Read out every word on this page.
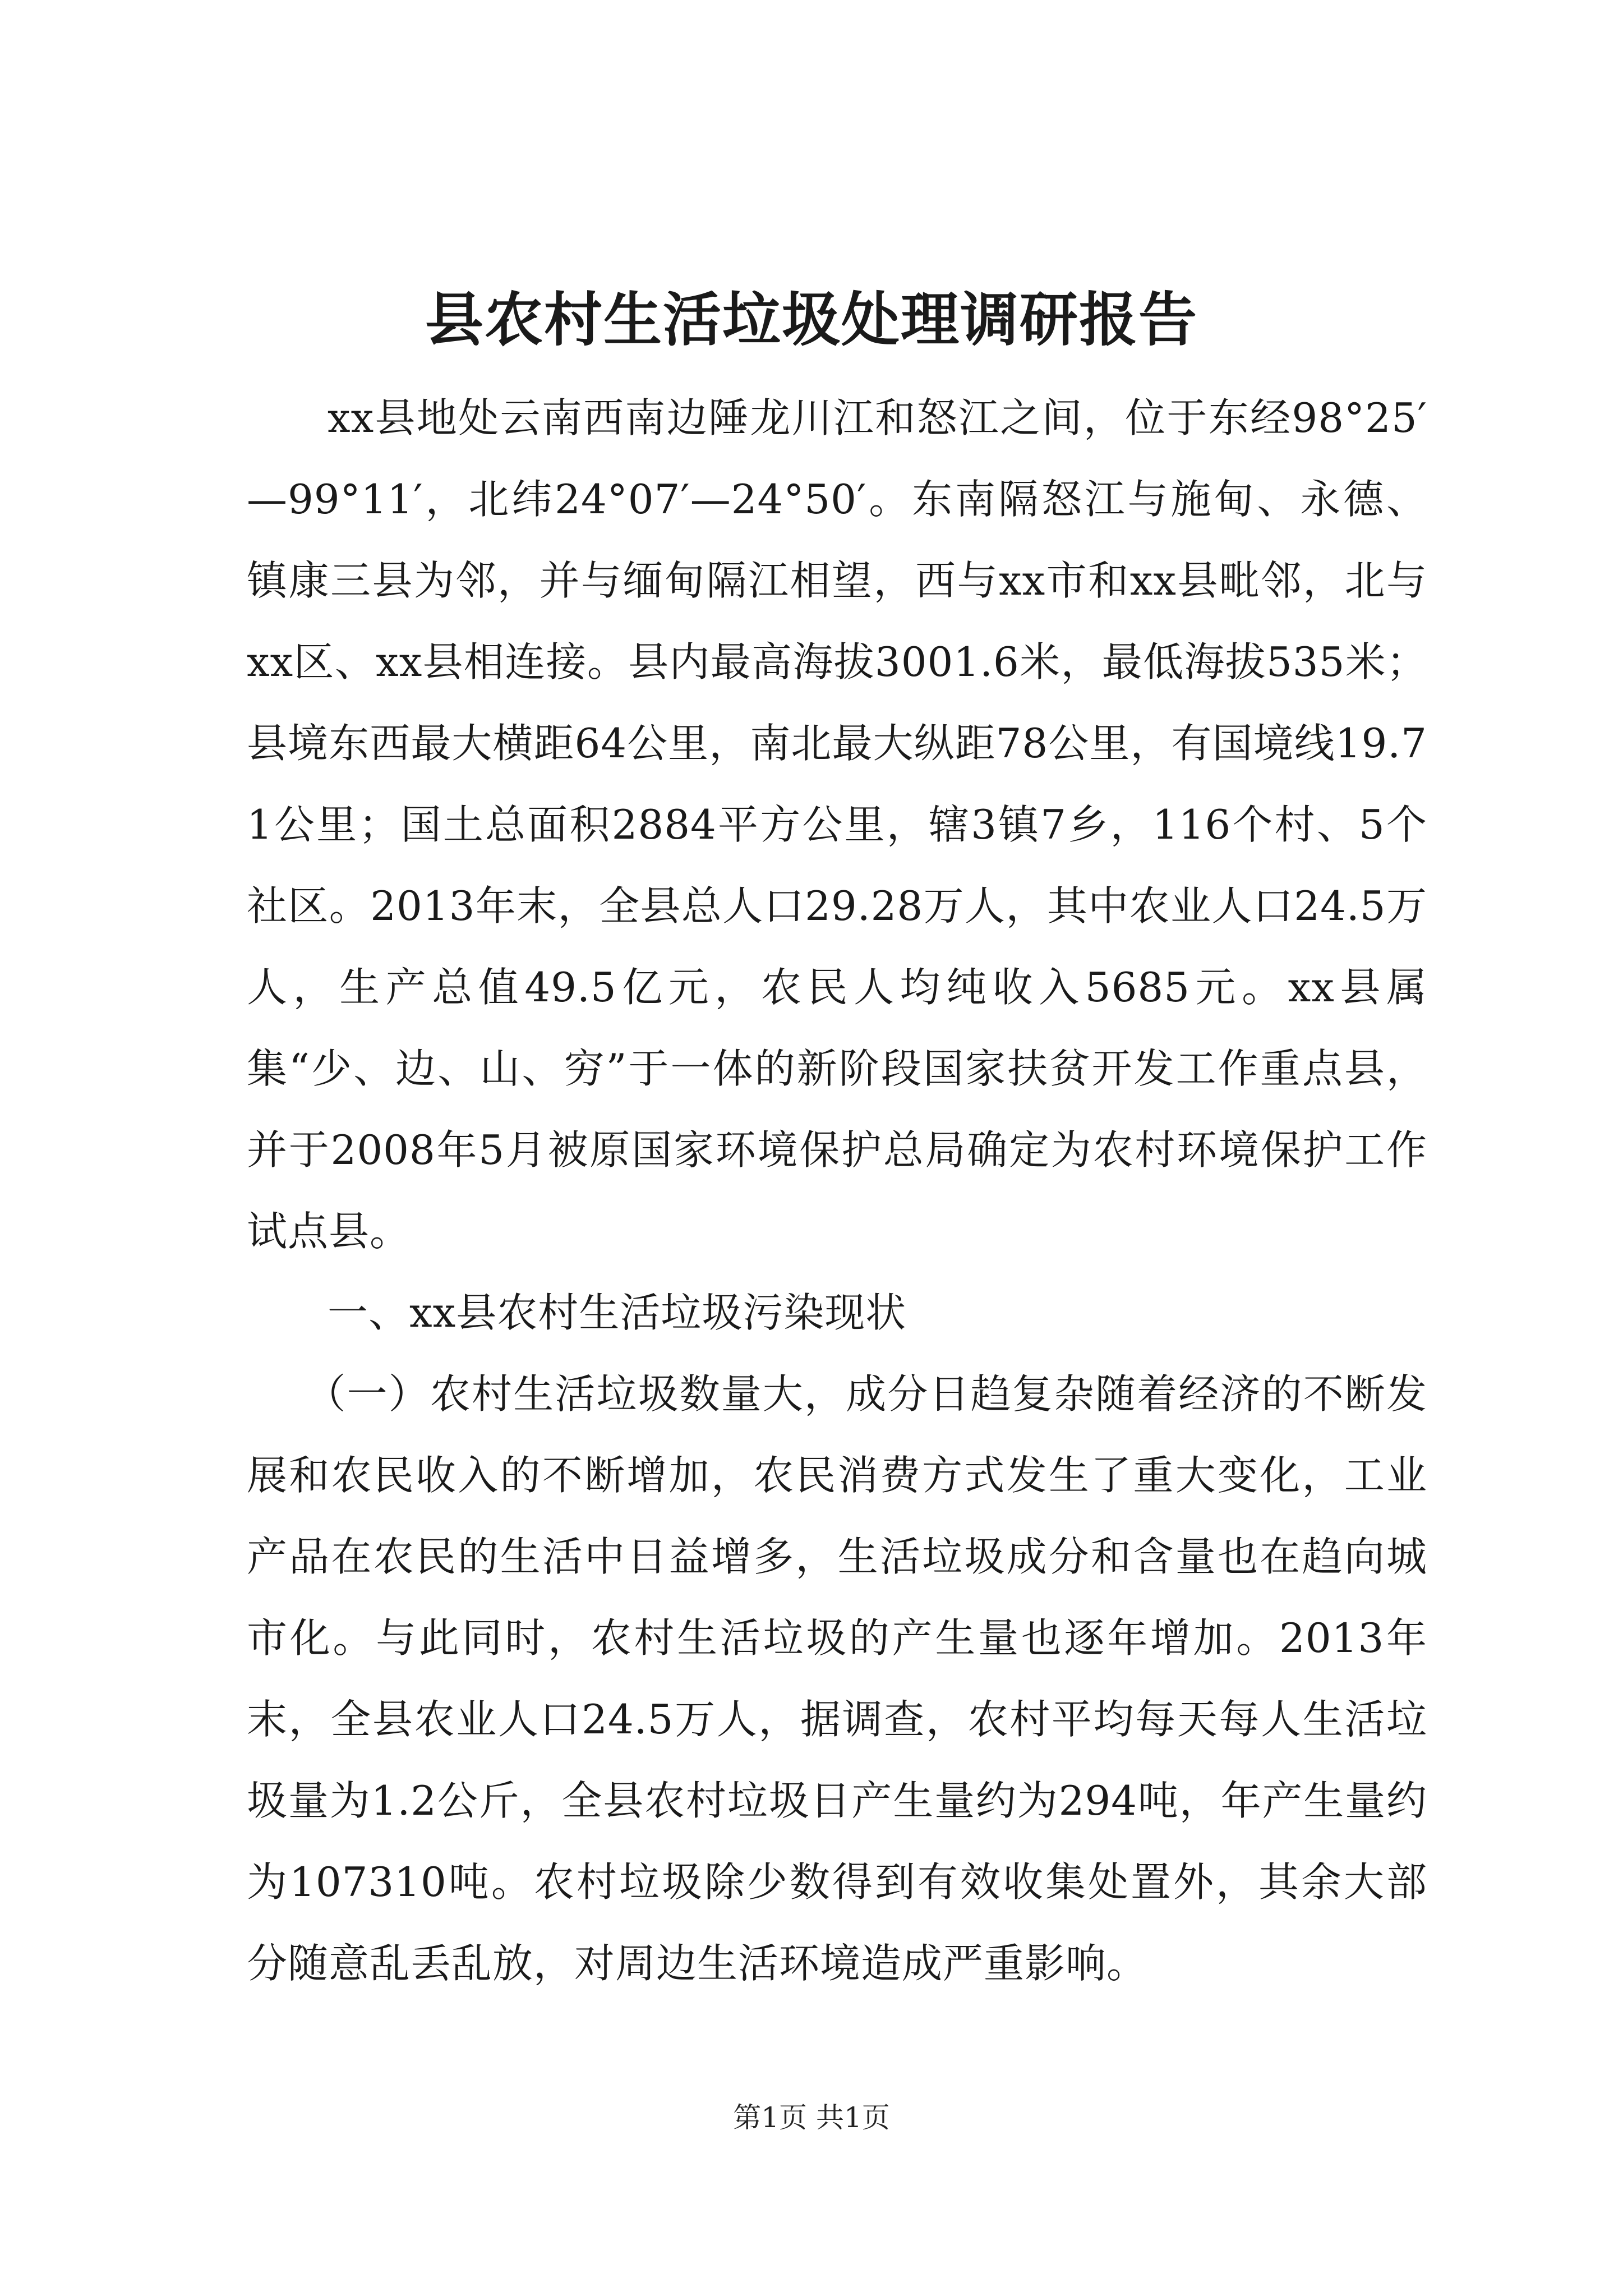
县农村生活垃圾处理调研报告

xx县地处云南西南边陲龙川江和怒江之间，位于东经98°25′—99°11′，北纬24°07′—24°50′。东南隔怒江与施甸、永德、镇康三县为邻，并与缅甸隔江相望，西与xx市和xx县毗邻，北与xx区、xx县相连接。县内最高海拔3001.6米，最低海拔535米；县境东西最大横距64公里，南北最大纵距78公里，有国境线19.71公里；国土总面积2884平方公里，辖3镇7乡，116个村、5个社区。2013年末，全县总人口29.28万人，其中农业人口24.5万人，生产总值49.5亿元，农民人均纯收入5685元。xx县属集“少、边、山、穷”于一体的新阶段国家扶贫开发工作重点县，并于2008年5月被原国家环境保护总局确定为农村环境保护工作试点县。

一、xx县农村生活垃圾污染现状

（一）农村生活垃圾数量大，成分日趋复杂随着经济的不断发展和农民收入的不断增加，农民消费方式发生了重大变化，工业产品在农民的生活中日益增多，生活垃圾成分和含量也在趋向城市化。与此同时，农村生活垃圾的产生量也逐年增加。2013年末，全县农业人口24.5万人，据调查，农村平均每天每人生活垃圾量为1.2公斤，全县农村垃圾日产生量约为294吨，年产生量约为107310吨。农村垃圾除少数得到有效收集处置外，其余大部分随意乱丢乱放，对周边生活环境造成严重影响。

第1页 共1页
